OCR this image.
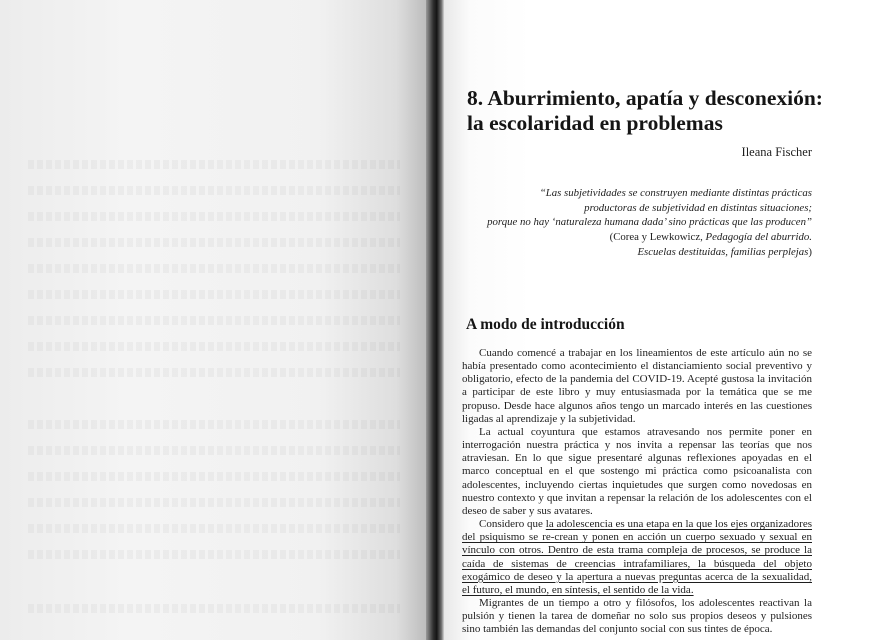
8. Aburrimiento, apatía y desconexión:
la escolaridad en problemas

Ileana Fischer

“Las subjetividades se construyen mediante distintas prácticas
productoras de subjetividad en distintas situaciones;
porque no hay ‘naturaleza humana dada’ sino prácticas que las producen”
(Corea y Lewkowicz, Pedagogía del aburrido.
Escuelas destituidas, familias perplejas)
A modo de introducción

Cuando comencé a trabajar en los lineamientos de este artículo aún no se había presentado como acontecimiento el distanciamiento social preventivo y obligatorio, efecto de la pandemia del COVID-19. Acepté gustosa la invitación a participar de este libro y muy entusiasmada por la temática que se me propuso. Desde hace algunos años tengo un marcado interés en las cuestiones ligadas al aprendizaje y la subjetividad.

La actual coyuntura que estamos atravesando nos permite poner en interrogación nuestra práctica y nos invita a repensar las teorías que nos atraviesan. En lo que sigue presentaré algunas reflexiones apoyadas en el marco conceptual en el que sostengo mi práctica como psicoanalista con adolescentes, incluyendo ciertas inquietudes que surgen como novedosas en nuestro contexto y que invitan a repensar la relación de los adolescentes con el deseo de saber y sus avatares.

Considero que la adolescencia es una etapa en la que los ejes organizadores del psiquismo se re-crean y ponen en acción un cuerpo sexuado y sexual en vínculo con otros. Dentro de esta trama compleja de procesos, se produce la caída de sistemas de creencias intrafamiliares, la búsqueda del objeto exogámico de deseo y la apertura a nuevas preguntas acerca de la sexualidad, el futuro, el mundo, en síntesis, el sentido de la vida.

Migrantes de un tiempo a otro y filósofos, los adolescentes reactivan la pulsión y tienen la tarea de domeñar no solo sus propios deseos y pulsiones sino también las demandas del conjunto social con sus tintes de época.
